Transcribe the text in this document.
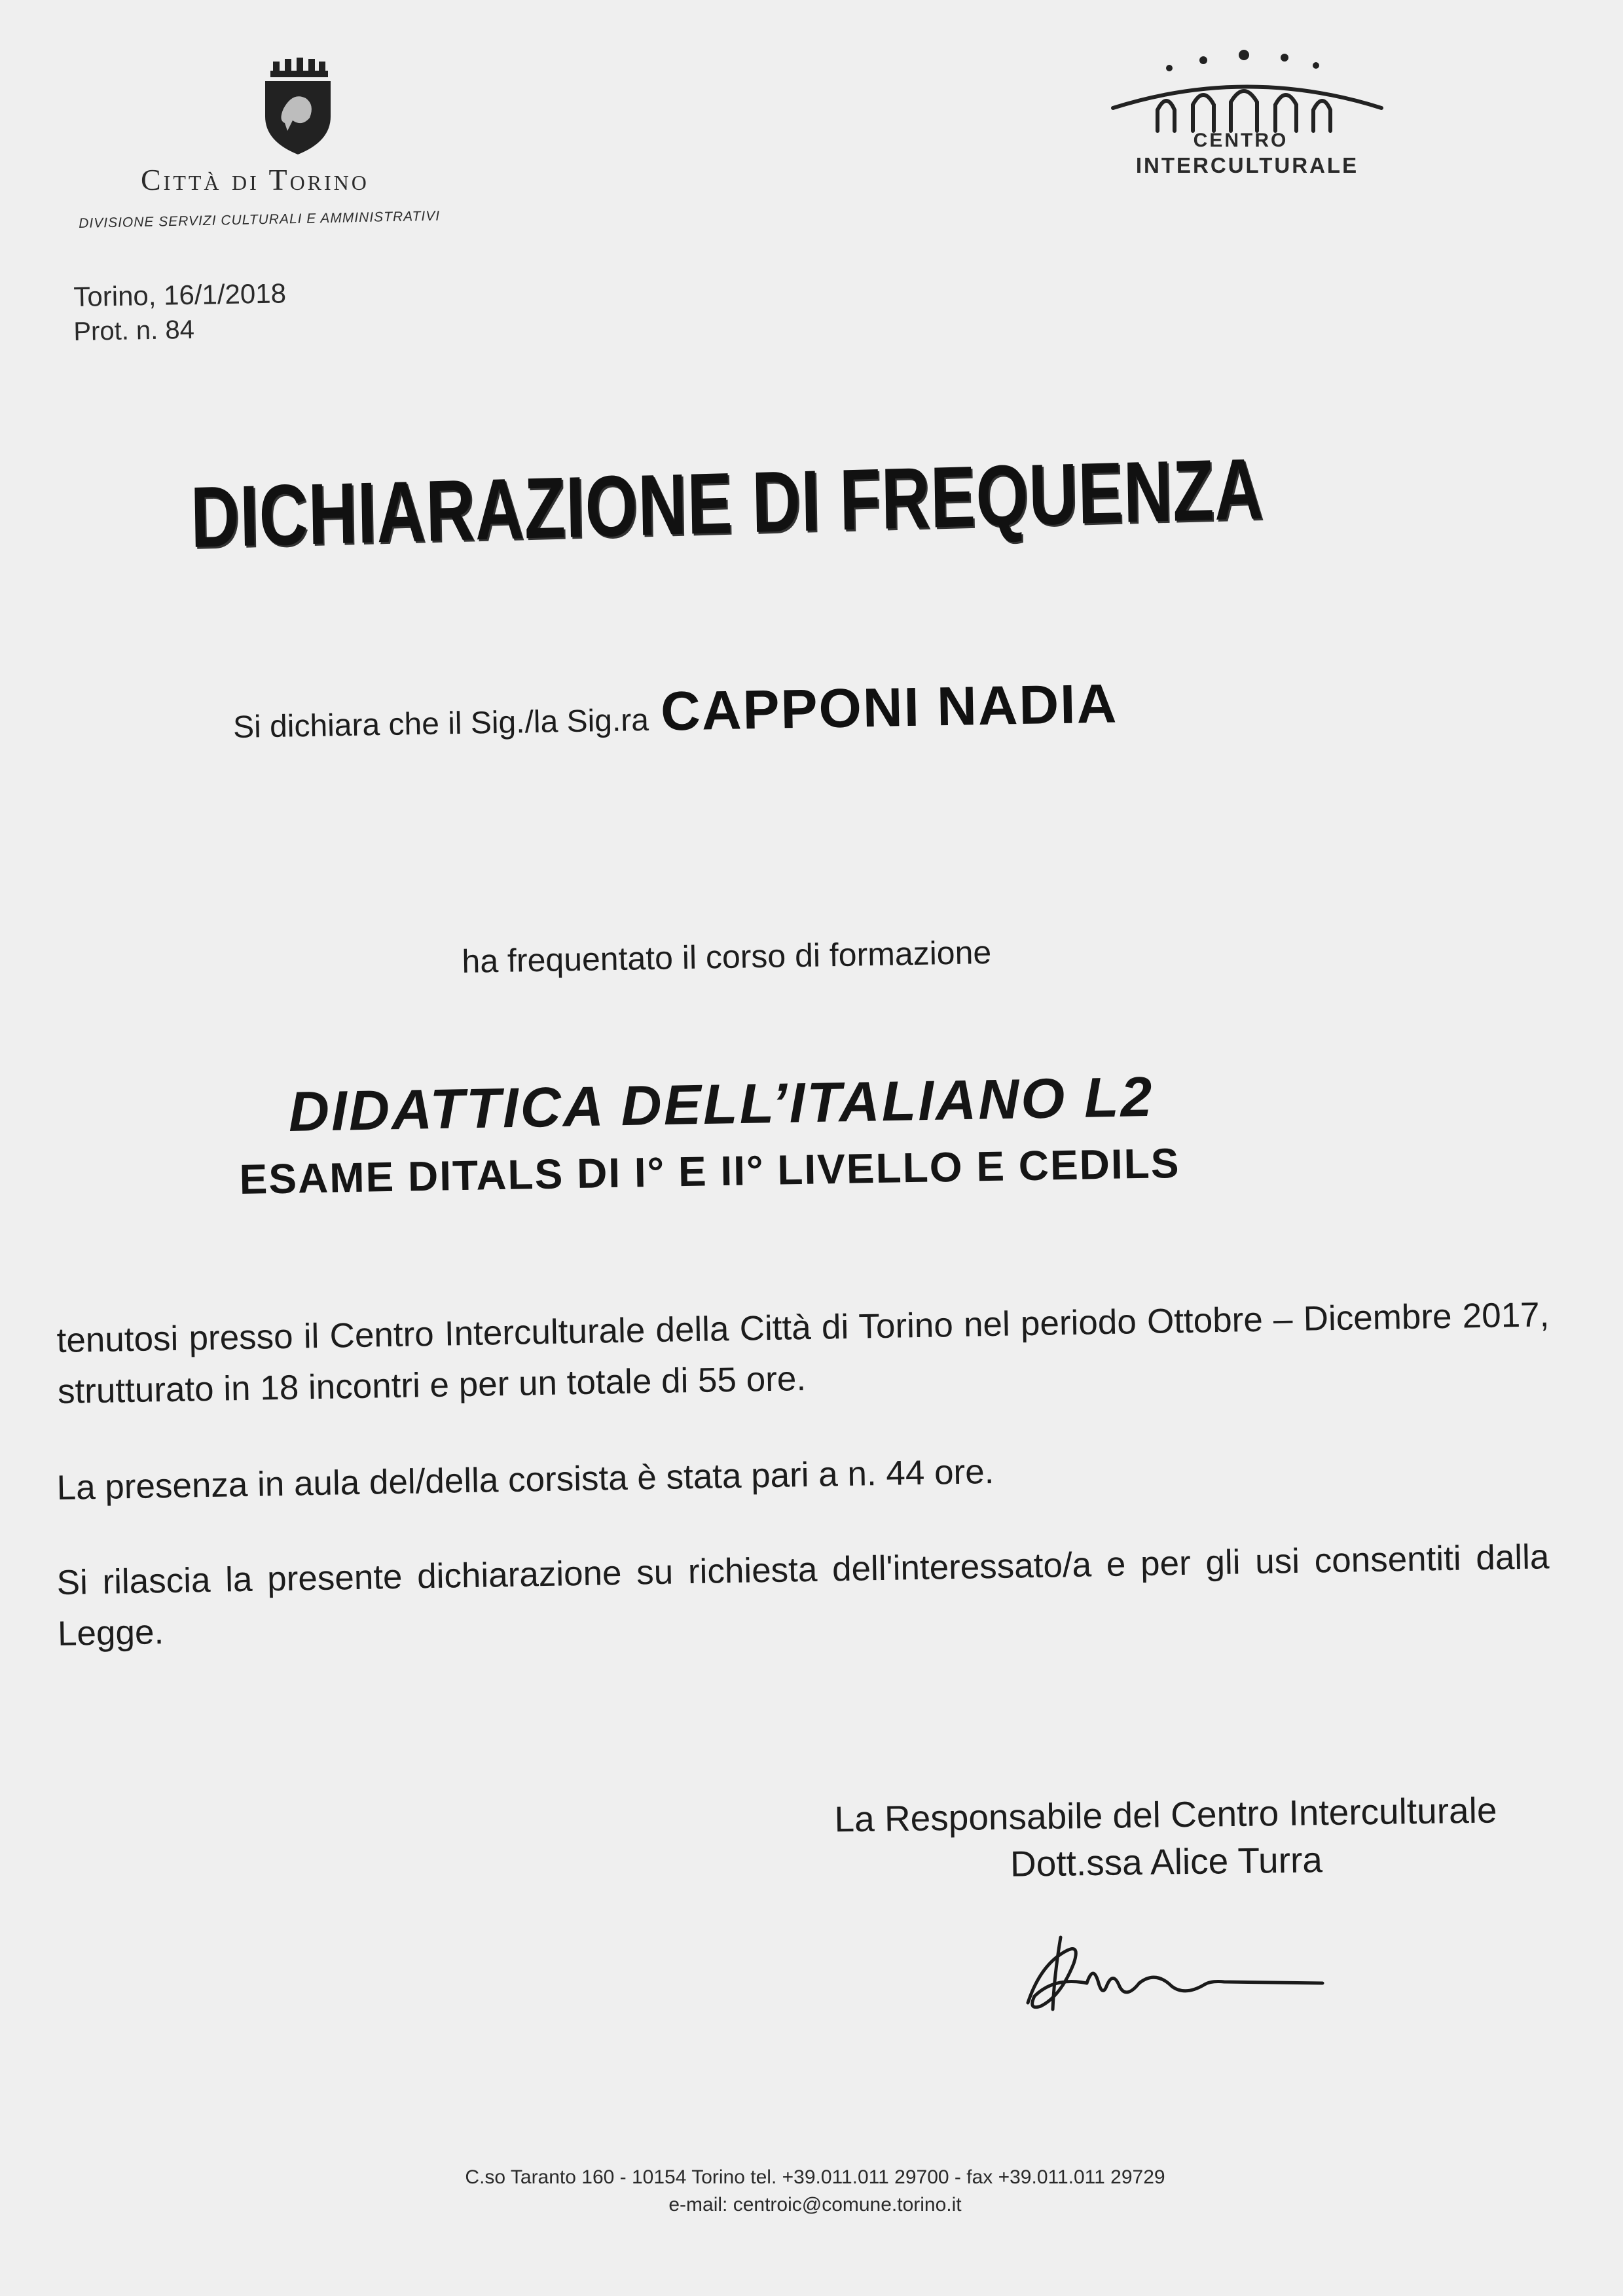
Città di Torino
DIVISIONE SERVIZI CULTURALI E AMMINISTRATIVI
Torino, 16/1/2018
Prot. n. 84
CENTRO
INTERCULTURALE
DICHIARAZIONE DI FREQUENZA
Si dichiara che il Sig./la Sig.ra CAPPONI NADIA
ha frequentato il corso di formazione
DIDATTICA DELL’ITALIANO L2
ESAME DITALS DI I° E II° LIVELLO E CEDILS
tenutosi presso il Centro Interculturale della Città di Torino nel periodo Ottobre – Dicembre 2017, strutturato in 18 incontri e per un totale di 55 ore.
La presenza in aula del/della corsista è stata pari a n. 44 ore.
Si rilascia la presente dichiarazione su richiesta dell'interessato/a e per gli usi consentiti dalla Legge.
La Responsabile del Centro Interculturale
Dott.ssa Alice Turra
C.so Taranto 160 - 10154 Torino tel. +39.011.011 29700 - fax +39.011.011 29729
e-mail: centroic@comune.torino.it
